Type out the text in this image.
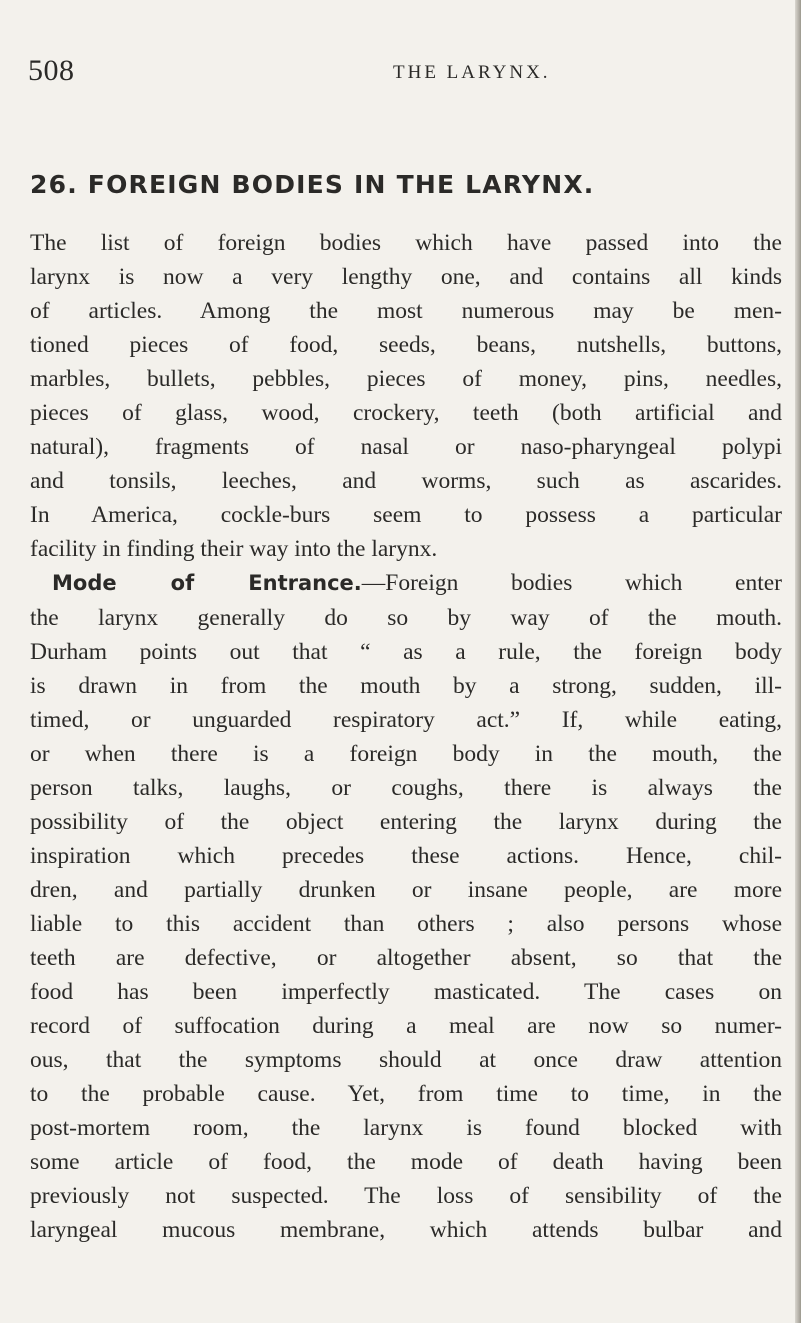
508	THE LARYNX.
26. FOREIGN BODIES IN THE LARYNX.
The list of foreign bodies which have passed into the
larynx is now a very lengthy one, and contains all kinds
of articles. Among the most numerous may be men-
tioned pieces of food, seeds, beans, nutshells, buttons,
marbles, bullets, pebbles, pieces of money, pins, needles,
pieces of glass, wood, crockery, teeth (both artificial and
natural), fragments of nasal or naso-pharyngeal polypi
and tonsils, leeches, and worms, such as ascarides.
In America, cockle-burs seem to possess a particular
facility in finding their way into the larynx.
Mode of Entrance.—Foreign bodies which enter
the larynx generally do so by way of the mouth.
Durham points out that “ as a rule, the foreign body
is drawn in from the mouth by a strong, sudden, ill-
timed, or unguarded respiratory act.” If, while eating,
or when there is a foreign body in the mouth, the
person talks, laughs, or coughs, there is always the
possibility of the object entering the larynx during the
inspiration which precedes these actions. Hence, chil-
dren, and partially drunken or insane people, are more
liable to this accident than others ; also persons whose
teeth are defective, or altogether absent, so that the
food has been imperfectly masticated. The cases on
record of suffocation during a meal are now so numer-
ous, that the symptoms should at once draw attention
to the probable cause. Yet, from time to time, in the
post-mortem room, the larynx is found blocked with
some article of food, the mode of death having been
previously not suspected. The loss of sensibility of the
laryngeal mucous membrane, which attends bulbar and
